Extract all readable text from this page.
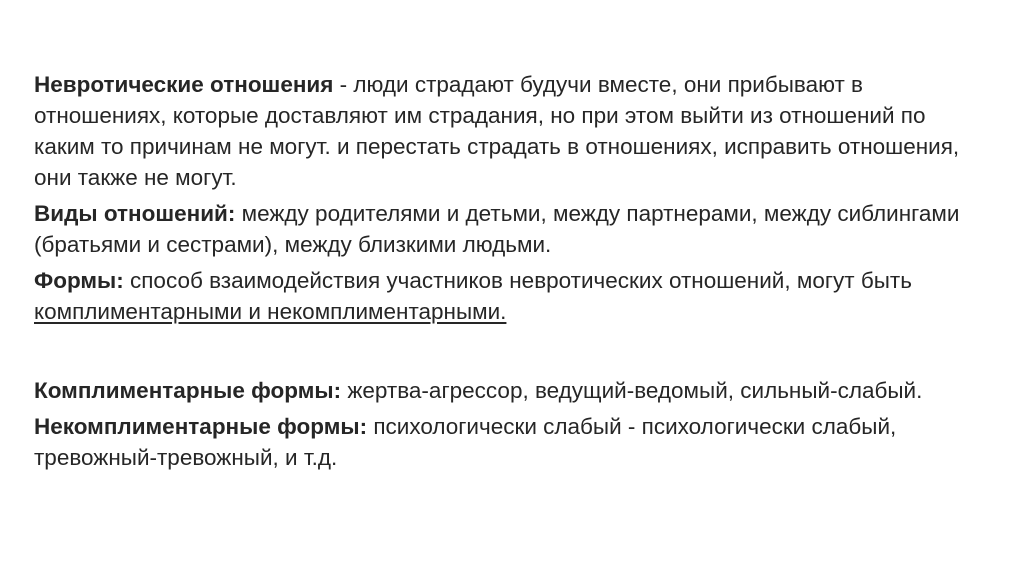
Невротические отношения - люди страдают будучи вместе, они прибывают в отношениях, которые доставляют им страдания, но при этом выйти из отношений по каким то причинам не могут. и перестать страдать в отношениях, исправить отношения, они также не могут.

Виды отношений: между родителями и детьми, между партнерами, между сиблингами (братьями и сестрами), между близкими людьми.

Формы: способ взаимодействия участников невротических отношений, могут быть комплиментарными и некомплиментарными.

Комплиментарные формы: жертва-агрессор, ведущий-ведомый, сильный-слабый.

Некомплиментарные формы: психологически слабый - психологически слабый, тревожный-тревожный, и т.д.
